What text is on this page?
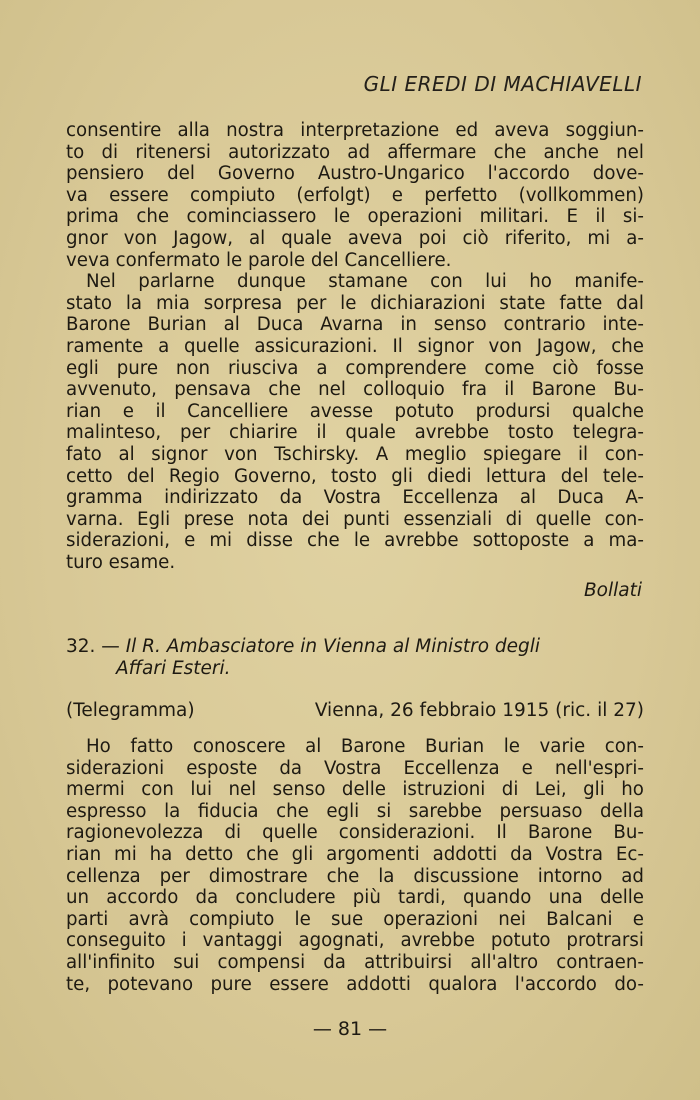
GLI EREDI DI MACHIAVELLI
consentire alla nostra interpretazione ed aveva soggiun-
to di ritenersi autorizzato ad affermare che anche nel
pensiero del Governo Austro-Ungarico l'accordo dove-
va essere compiuto (erfolgt) e perfetto (vollkommen)
prima che cominciassero le operazioni militari. E il si-
gnor von Jagow, al quale aveva poi ciò riferito, mi a-
veva confermato le parole del Cancelliere.
Nel parlarne dunque stamane con lui ho manife-
stato la mia sorpresa per le dichiarazioni state fatte dal
Barone Burian al Duca Avarna in senso contrario inte-
ramente a quelle assicurazioni. Il signor von Jagow, che
egli pure non riusciva a comprendere come ciò fosse
avvenuto, pensava che nel colloquio fra il Barone Bu-
rian e il Cancelliere avesse potuto prodursi qualche
malinteso, per chiarire il quale avrebbe tosto telegra-
fato al signor von Tschirsky. A meglio spiegare il con-
cetto del Regio Governo, tosto gli diedi lettura del tele-
gramma indirizzato da Vostra Eccellenza al Duca A-
varna. Egli prese nota dei punti essenziali di quelle con-
siderazioni, e mi disse che le avrebbe sottoposte a ma-
turo esame.
Bollati
32. — Il R. Ambasciatore in Vienna al Ministro degli
Affari Esteri.
(Telegramma)	Vienna, 26 febbraio 1915 (ric. il 27)
Ho fatto conoscere al Barone Burian le varie con-
siderazioni esposte da Vostra Eccellenza e nell'espri-
mermi con lui nel senso delle istruzioni di Lei, gli ho
espresso la fiducia che egli si sarebbe persuaso della
ragionevolezza di quelle considerazioni. Il Barone Bu-
rian mi ha detto che gli argomenti addotti da Vostra Ec-
cellenza per dimostrare che la discussione intorno ad
un accordo da concludere più tardi, quando una delle
parti avrà compiuto le sue operazioni nei Balcani e
conseguito i vantaggi agognati, avrebbe potuto protrarsi
all'infinito sui compensi da attribuirsi all'altro contraen-
te, potevano pure essere addotti qualora l'accordo do-
— 81 —
